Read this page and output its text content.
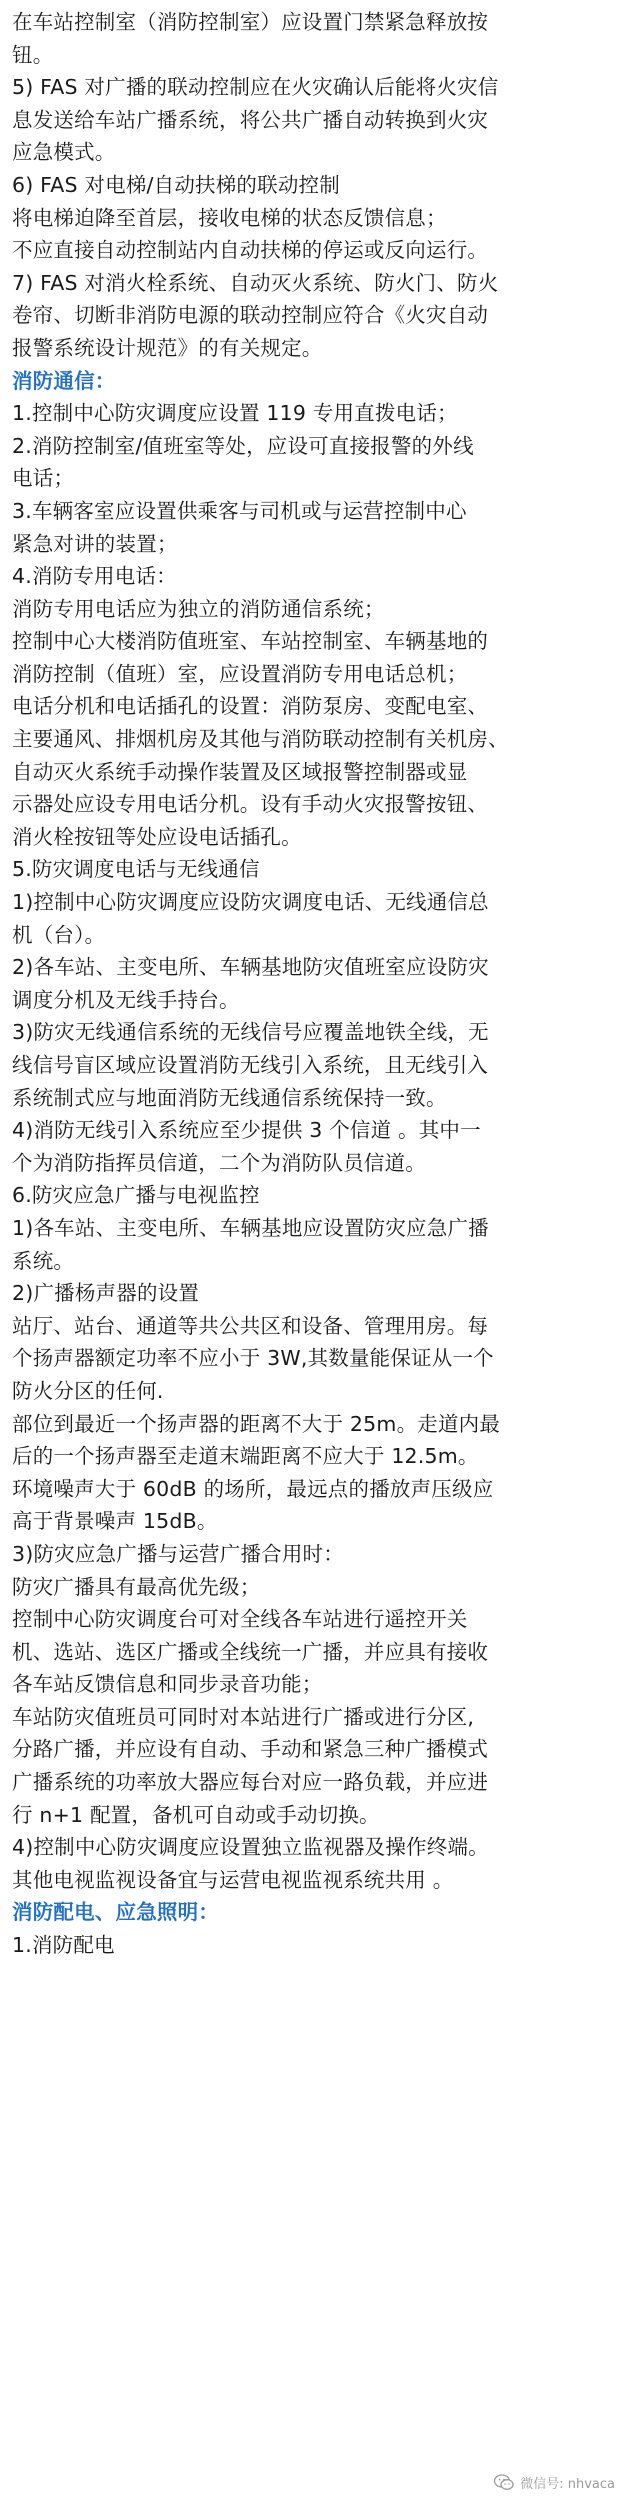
在车站控制室（消防控制室）应设置门禁紧急释放按
钮。
5) FAS 对广播的联动控制应在火灾确认后能将火灾信
息发送给车站广播系统，将公共广播自动转换到火灾
应急模式。
6) FAS 对电梯/自动扶梯的联动控制
将电梯迫降至首层，接收电梯的状态反馈信息；
不应直接自动控制站内自动扶梯的停运或反向运行。
7) FAS 对消火栓系统、自动灭火系统、防火门、防火
卷帘、切断非消防电源的联动控制应符合《火灾自动
报警系统设计规范》的有关规定。
消防通信：
1.控制中心防灾调度应设置 119 专用直拨电话；
2.消防控制室/值班室等处，应设可直接报警的外线
电话；
3.车辆客室应设置供乘客与司机或与运营控制中心
紧急对讲的装置；
4.消防专用电话：
消防专用电话应为独立的消防通信系统；
控制中心大楼消防值班室、车站控制室、车辆基地的
消防控制（值班）室，应设置消防专用电话总机；
电话分机和电话插孔的设置：消防泵房、变配电室、
主要通风、排烟机房及其他与消防联动控制有关机房、
自动灭火系统手动操作装置及区域报警控制器或显
示器处应设专用电话分机。设有手动火灾报警按钮、
消火栓按钮等处应设电话插孔。
5.防灾调度电话与无线通信
1)控制中心防灾调度应设防灾调度电话、无线通信总
机（台）。
2)各车站、主变电所、车辆基地防灾值班室应设防灾
调度分机及无线手持台。
3)防灾无线通信系统的无线信号应覆盖地铁全线，无
线信号盲区域应设置消防无线引入系统，且无线引入
系统制式应与地面消防无线通信系统保持一致。
4)消防无线引入系统应至少提供 3 个信道 。其中一
个为消防指挥员信道，二个为消防队员信道。
6.防灾应急广播与电视监控
1)各车站、主变电所、车辆基地应设置防灾应急广播
系统。
2)广播杨声器的设置
站厅、站台、通道等共公共区和设备、管理用房。每
个扬声器额定功率不应小于 3W,其数量能保证从一个
防火分区的任何.
部位到最近一个扬声器的距离不大于 25m。走道内最
后的一个扬声器至走道末端距离不应大于 12.5m。
环境噪声大于 60dB 的场所，最远点的播放声压级应
高于背景噪声 15dB。
3)防灾应急广播与运营广播合用时：
防灾广播具有最高优先级；
控制中心防灾调度台可对全线各车站进行遥控开关
机、选站、选区广播或全线统一广播，并应具有接收
各车站反馈信息和同步录音功能；
车站防灾值班员可同时对本站进行广播或进行分区,
分路广播，并应设有自动、手动和紧急三种广播模式
广播系统的功率放大器应每台对应一路负载，并应进
行 n+1 配置，备机可自动或手动切换。
4)控制中心防灾调度应设置独立监视器及操作终端。
其他电视监视设备宜与运营电视监视系统共用 。
消防配电、应急照明：
1.消防配电
微信号: nhvaca
